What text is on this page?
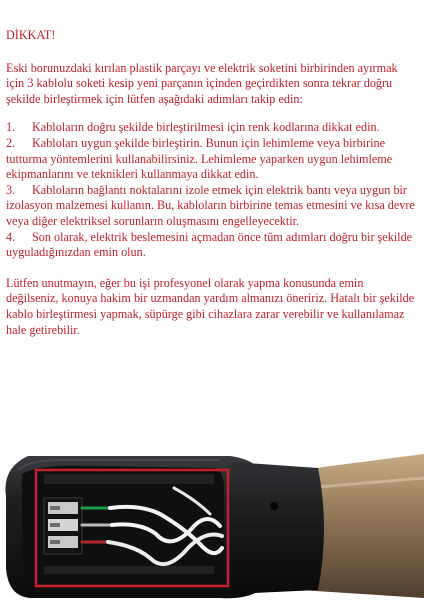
DİKKAT!

Eski borunuzdaki kırılan plastik parçayı ve elektrik soketini birbirinden ayırmak için 3 kablolu soketi kesip yeni parçanın içinden geçirdikten sonra tekrar doğru şekilde birleştirmek için lütfen aşağıdaki adımları takip edin:

1. Kabloların doğru şekilde birleştirilmesi için renk kodlarına dikkat edin.
2. Kabloları uygun şekilde birleştirin. Bunun için lehimleme veya birbirine tutturma yöntemlerini kullanabilirsiniz. Lehimleme yaparken uygun lehimleme ekipmanlarını ve teknikleri kullanmaya dikkat edin.
3. Kabloların bağlantı noktalarını izole etmek için elektrik bantı veya uygun bir izolasyon malzemesi kullanın. Bu, kabloların birbirine temas etmesini ve kısa devre veya diğer elektriksel sorunların oluşmasını engelleyecektir.
4. Son olarak, elektrik beslemesini açmadan önce tüm adımları doğru bir şekilde uyguladığınızdan emin olun.

Lütfen unutmayın, eğer bu işi profesyonel olarak yapma konusunda emin değilseniz, konuya hakim bir uzmandan yardım almanızı öneririz. Hatalı bir şekilde kablo birleştirmesi yapmak, süpürge gibi cihazlara zarar verebilir ve kullanılamaz hale getirebilir.
